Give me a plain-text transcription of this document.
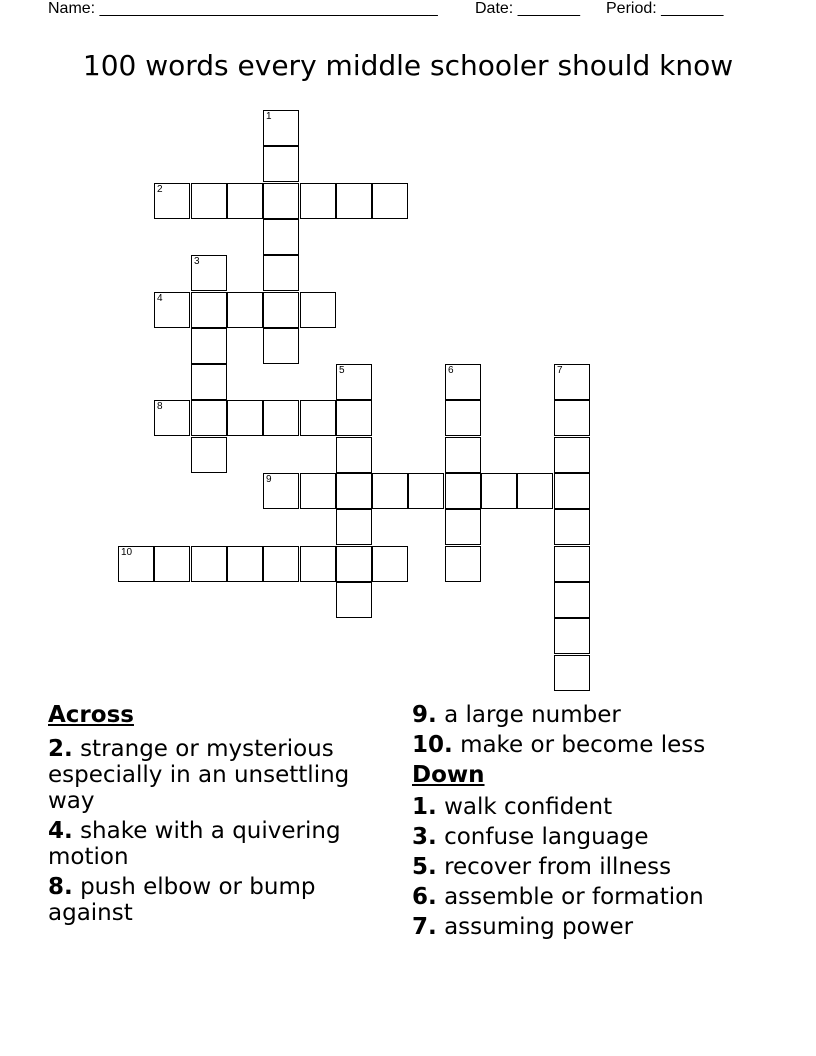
Name: ______________________________________ Date: _______ Period: _______
100 words every middle schooler should know
1
2
3
4
5	6	7
8
9
10
Across
2. strange or mysterious especially in an unsettling way
4. shake with a quivering motion
8. push elbow or bump against
9. a large number
10. make or become less
Down
1. walk confident
3. confuse language
5. recover from illness
6. assemble or formation
7. assuming power
